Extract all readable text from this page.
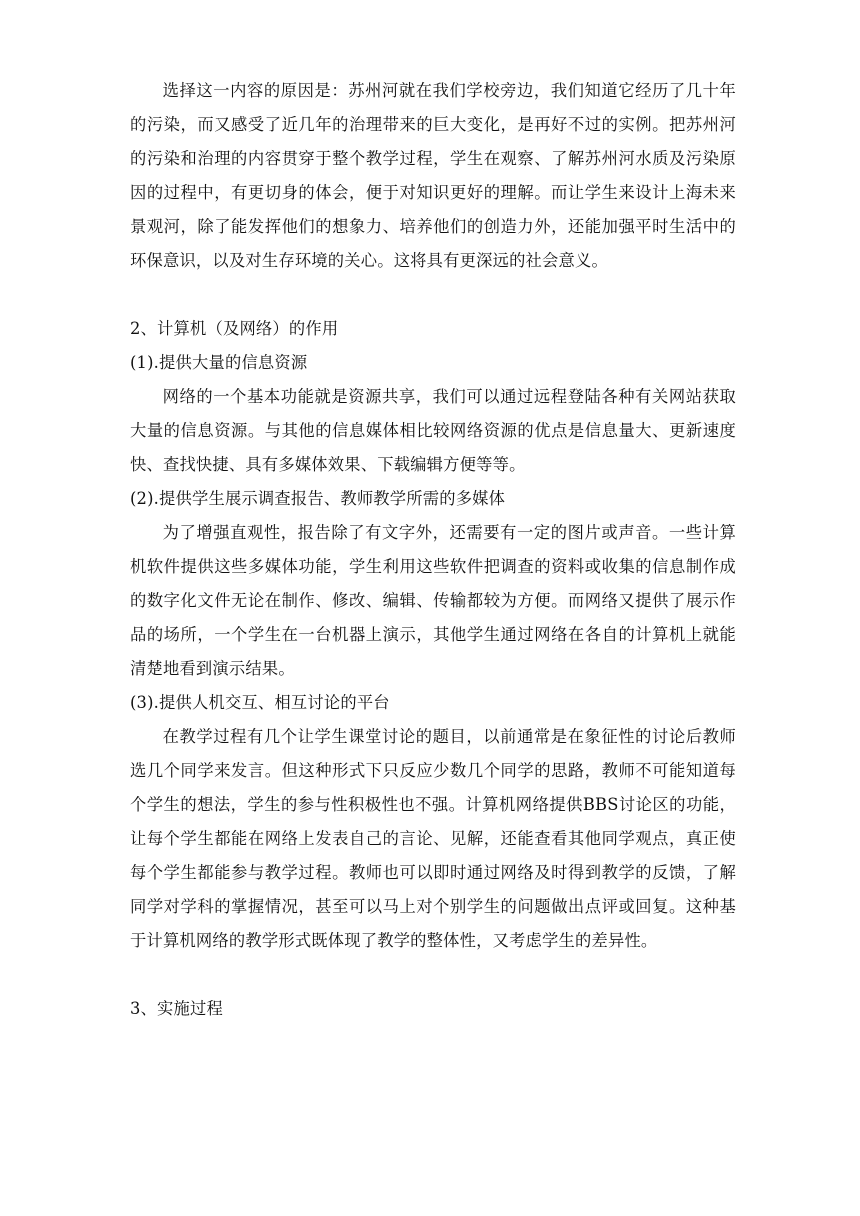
选择这一内容的原因是：苏州河就在我们学校旁边，我们知道它经历了几十年的污染，而又感受了近几年的治理带来的巨大变化，是再好不过的实例。把苏州河的污染和治理的内容贯穿于整个教学过程，学生在观察、了解苏州河水质及污染原因的过程中，有更切身的体会，便于对知识更好的理解。而让学生来设计上海未来景观河，除了能发挥他们的想象力、培养他们的创造力外，还能加强平时生活中的环保意识，以及对生存环境的关心。这将具有更深远的社会意义。

2、计算机（及网络）的作用

(1).提供大量的信息资源

网络的一个基本功能就是资源共享，我们可以通过远程登陆各种有关网站获取大量的信息资源。与其他的信息媒体相比较网络资源的优点是信息量大、更新速度快、查找快捷、具有多媒体效果、下载编辑方便等等。

(2).提供学生展示调查报告、教师教学所需的多媒体

为了增强直观性，报告除了有文字外，还需要有一定的图片或声音。一些计算机软件提供这些多媒体功能，学生利用这些软件把调查的资料或收集的信息制作成的数字化文件无论在制作、修改、编辑、传输都较为方便。而网络又提供了展示作品的场所，一个学生在一台机器上演示，其他学生通过网络在各自的计算机上就能清楚地看到演示结果。

(3).提供人机交互、相互讨论的平台

在教学过程有几个让学生课堂讨论的题目，以前通常是在象征性的讨论后教师选几个同学来发言。但这种形式下只反应少数几个同学的思路，教师不可能知道每个学生的想法，学生的参与性积极性也不强。计算机网络提供BBS讨论区的功能，让每个学生都能在网络上发表自己的言论、见解，还能查看其他同学观点，真正使每个学生都能参与教学过程。教师也可以即时通过网络及时得到教学的反馈，了解同学对学科的掌握情况，甚至可以马上对个别学生的问题做出点评或回复。这种基于计算机网络的教学形式既体现了教学的整体性，又考虑学生的差异性。

3、实施过程
